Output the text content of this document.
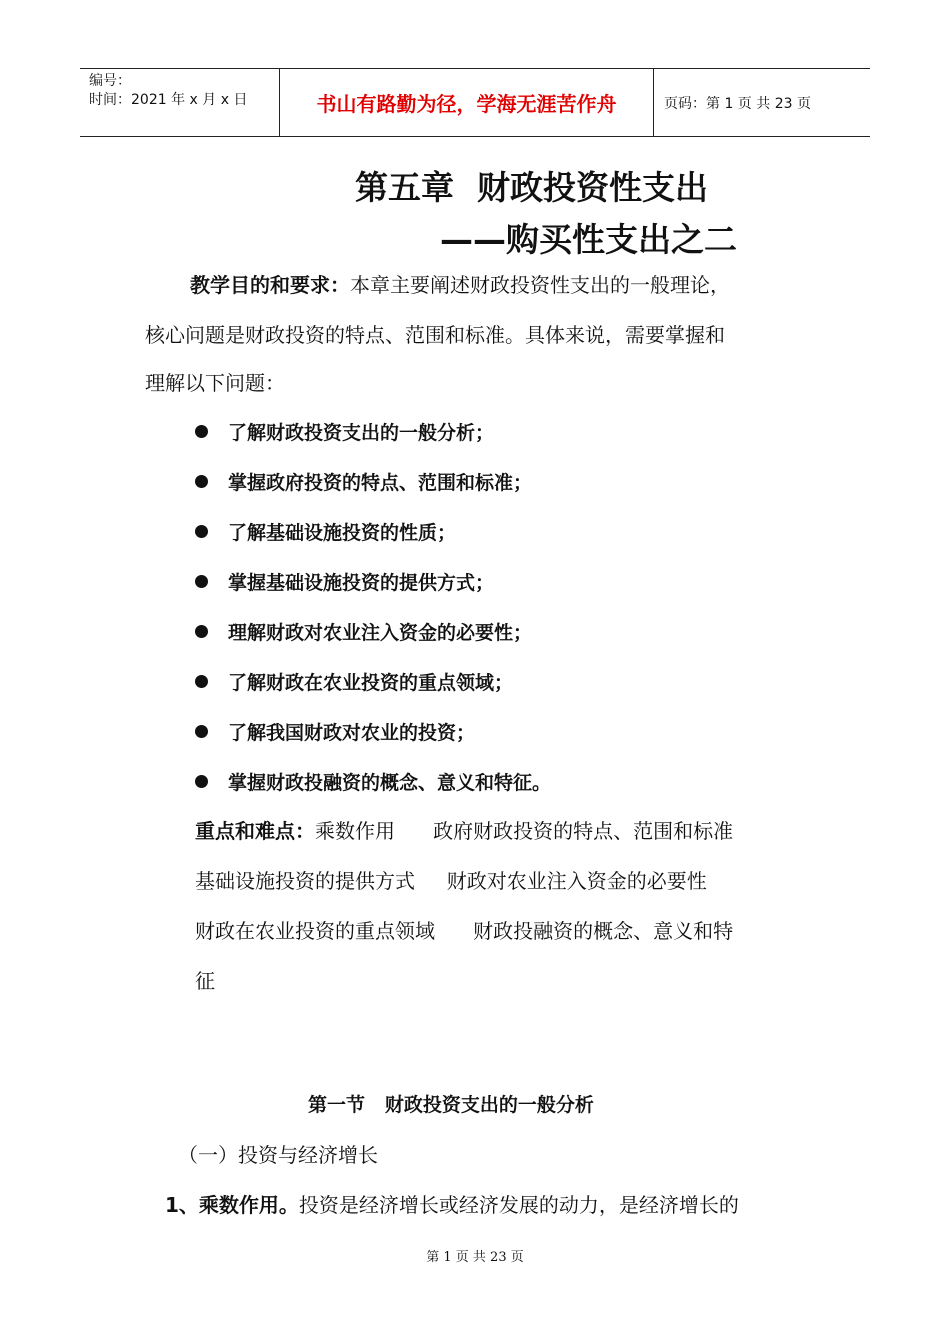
编号：
时间：2021 年 x 月 x 日	书山有路勤为径，学海无涯苦作舟	页码：第 1 页 共 23 页
第五章  财政投资性支出
——购买性支出之二
教学目的和要求：本章主要阐述财政投资性支出的一般理论，
核心问题是财政投资的特点、范围和标准。具体来说，需要掌握和
理解以下问题：
了解财政投资支出的一般分析；
掌握政府投资的特点、范围和标准；
了解基础设施投资的性质；
掌握基础设施投资的提供方式；
理解财政对农业注入资金的必要性；
了解财政在农业投资的重点领域；
了解我国财政对农业的投资；
掌握财政投融资的概念、意义和特征。
重点和难点：乘数作用      政府财政投资的特点、范围和标准
基础设施投资的提供方式     财政对农业注入资金的必要性
财政在农业投资的重点领域      财政投融资的概念、意义和特
征
第一节   财政投资支出的一般分析
（一）投资与经济增长
1、乘数作用。投资是经济增长或经济发展的动力，是经济增长的
第 1 页 共 23 页
